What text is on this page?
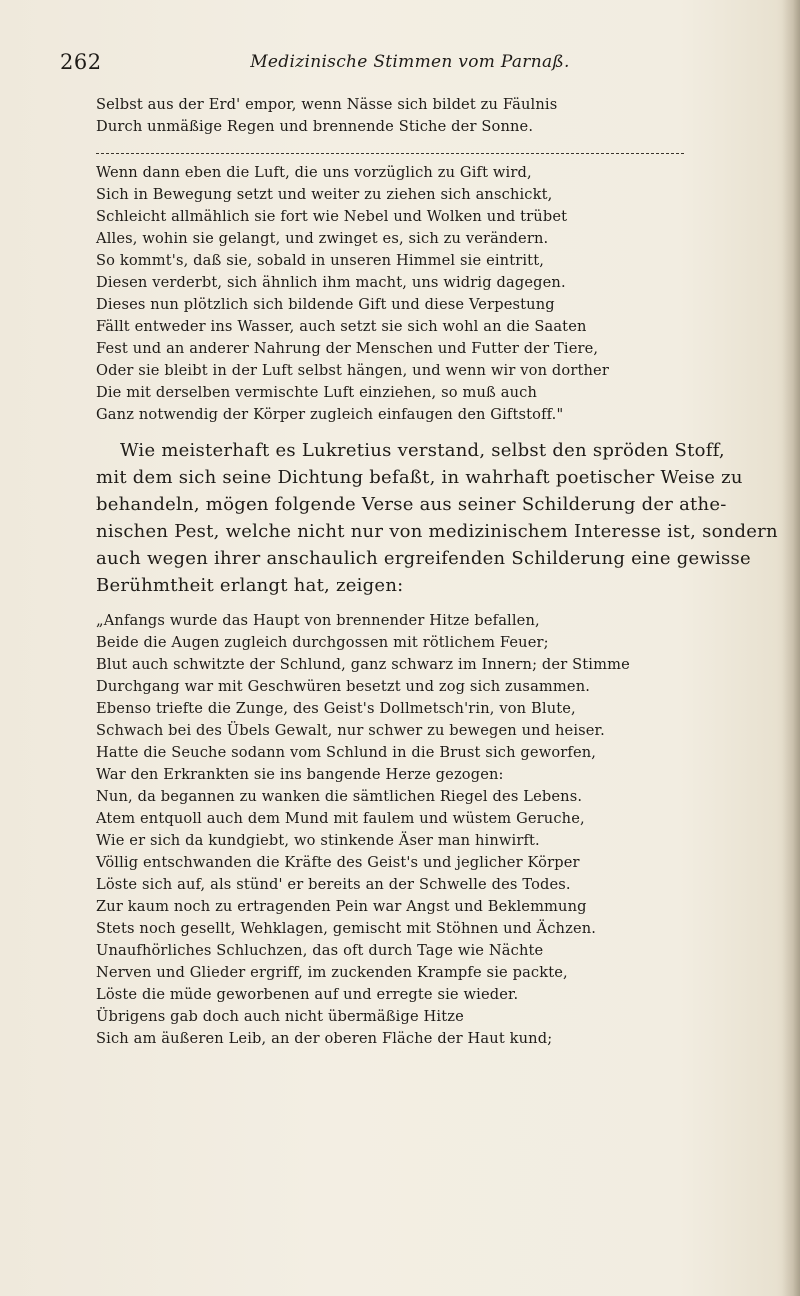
262	Medizinische Stimmen vom Parnaß.
Selbst aus der Erd' empor, wenn Nässe sich bildet zu Fäulnis
Durch unmäßige Regen und brennende Stiche der Sonne.
Wenn dann eben die Luft, die uns vorzüglich zu Gift wird,
Sich in Bewegung setzt und weiter zu ziehen sich anschickt,
Schleicht allmählich sie fort wie Nebel und Wolken und trübet
Alles, wohin sie gelangt, und zwinget es, sich zu verändern.
So kommt's, daß sie, sobald in unseren Himmel sie eintritt,
Diesen verderbt, sich ähnlich ihm macht, uns widrig dagegen.
Dieses nun plötzlich sich bildende Gift und diese Verpestung
Fällt entweder ins Wasser, auch setzt sie sich wohl an die Saaten
Fest und an anderer Nahrung der Menschen und Futter der Tiere,
Oder sie bleibt in der Luft selbst hängen, und wenn wir von dorther
Die mit derselben vermischte Luft einziehen, so muß auch
Ganz notwendig der Körper zugleich einfaugen den Giftstoff."
Wie meisterhaft es Lukretius verstand, selbst den spröden Stoff,
mit dem sich seine Dichtung befaßt, in wahrhaft poetischer Weise zu
behandeln, mögen folgende Verse aus seiner Schilderung der athe-
nischen Pest, welche nicht nur von medizinischem Interesse ist, sondern
auch wegen ihrer anschaulich ergreifenden Schilderung eine gewisse
Berühmtheit erlangt hat, zeigen:
„Anfangs wurde das Haupt von brennender Hitze befallen,
Beide die Augen zugleich durchgossen mit rötlichem Feuer;
Blut auch schwitzte der Schlund, ganz schwarz im Innern; der Stimme
Durchgang war mit Geschwüren besetzt und zog sich zusammen.
Ebenso triefte die Zunge, des Geist's Dollmetsch'rin, von Blute,
Schwach bei des Übels Gewalt, nur schwer zu bewegen und heiser.
Hatte die Seuche sodann vom Schlund in die Brust sich geworfen,
War den Erkrankten sie ins bangende Herze gezogen:
Nun, da begannen zu wanken die sämtlichen Riegel des Lebens.
Atem entquoll auch dem Mund mit faulem und wüstem Geruche,
Wie er sich da kundgiebt, wo stinkende Äser man hinwirft.
Völlig entschwanden die Kräfte des Geist's und jeglicher Körper
Löste sich auf, als stünd' er bereits an der Schwelle des Todes.
Zur kaum noch zu ertragenden Pein war Angst und Beklemmung
Stets noch gesellt, Wehklagen, gemischt mit Stöhnen und Ächzen.
Unaufhörliches Schluchzen, das oft durch Tage wie Nächte
Nerven und Glieder ergriff, im zuckenden Krampfe sie packte,
Löste die müde geworbenen auf und erregte sie wieder.
Übrigens gab doch auch nicht übermäßige Hitze
Sich am äußeren Leib, an der oberen Fläche der Haut kund;
